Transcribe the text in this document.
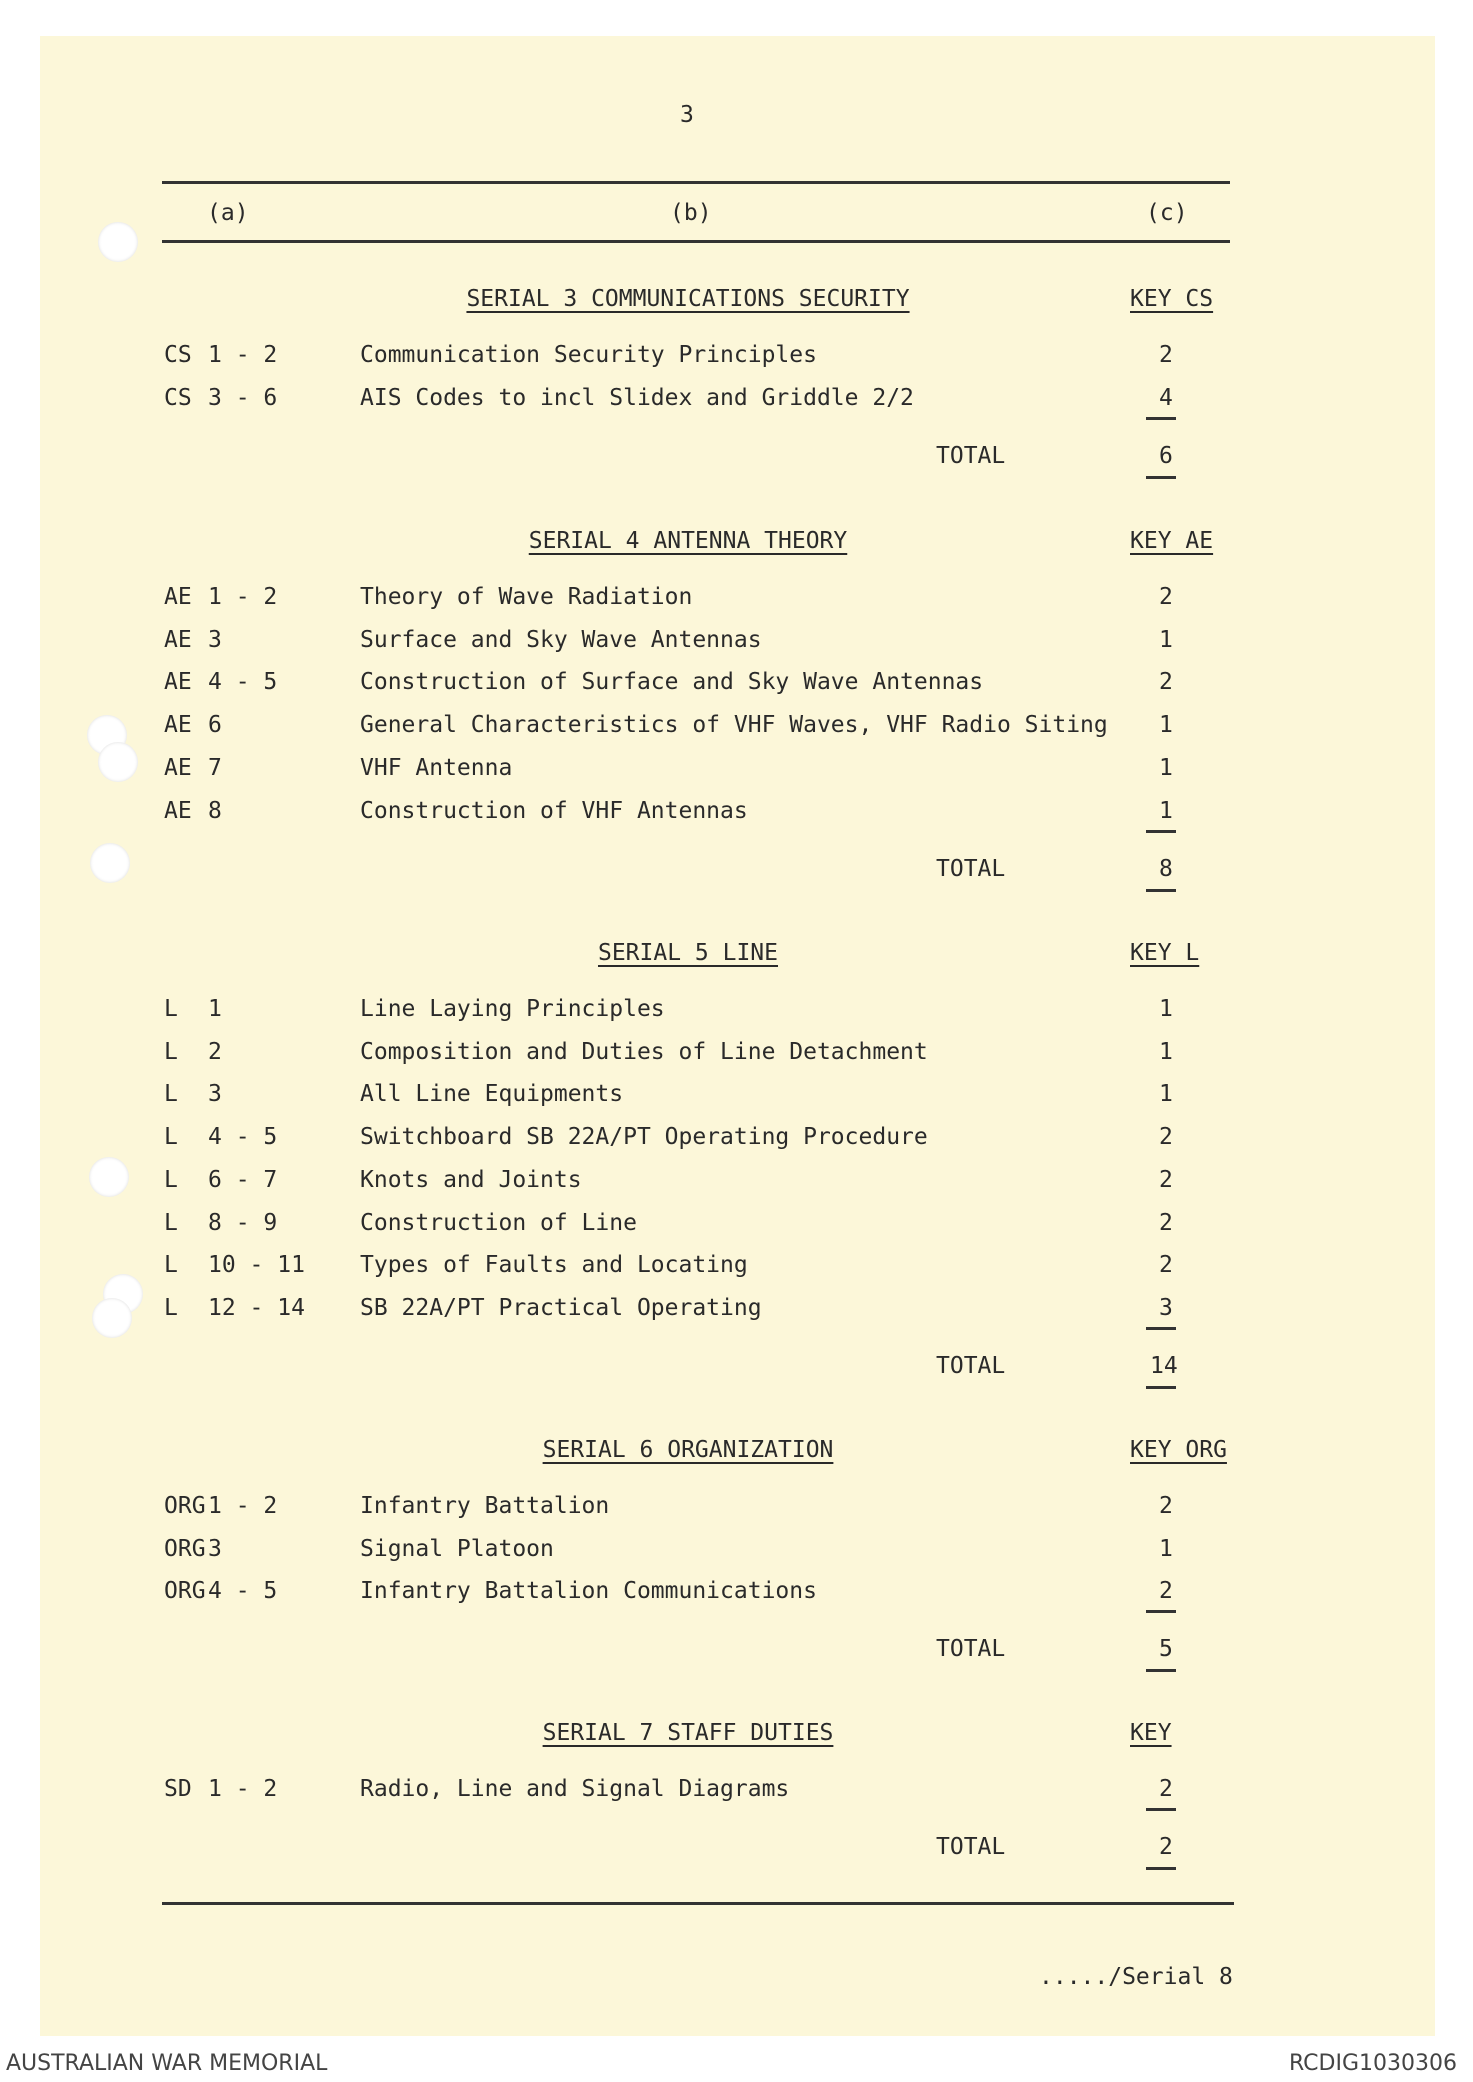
3
(a)	(b)	(c)
SERIAL 3 COMMUNICATIONS SECURITY	KEY CS
CS 1 - 2	Communication Security Principles	2
CS 3 - 6	AIS Codes to incl Slidex and Griddle 2/2	4
TOTAL	6
SERIAL 4 ANTENNA THEORY	KEY AE
AE 1 - 2	Theory of Wave Radiation	2
AE 3	Surface and Sky Wave Antennas	1
AE 4 - 5	Construction of Surface and Sky Wave Antennas	2
AE 6	General Characteristics of VHF Waves, VHF Radio Siting 1
AE 7	VHF Antenna	1
AE 8	Construction of VHF Antennas	1
TOTAL	8
SERIAL 5 LINE	KEY L
L 1	Line Laying Principles	1
L 2	Composition and Duties of Line Detachment	1
L 3	All Line Equipments	1
L 4 - 5	Switchboard SB 22A/PT Operating Procedure	2
L 6 - 7	Knots and Joints	2
L 8 - 9	Construction of Line	2
L 10 - 11 Types of Faults and Locating	2
L 12 - 14 SB 22A/PT Practical Operating	3
TOTAL	14
SERIAL 6 ORGANIZATION	KEY ORG
ORG 1 - 2	Infantry Battalion	2
ORG 3	Signal Platoon	1
ORG 4 - 5	Infantry Battalion Communications	2
TOTAL	5
SERIAL 7 STAFF DUTIES	KEY
SD 1 - 2	Radio, Line and Signal Diagrams	2
TOTAL	2
...../Serial 8
AUSTRALIAN WAR MEMORIAL	RCDIG1030306
